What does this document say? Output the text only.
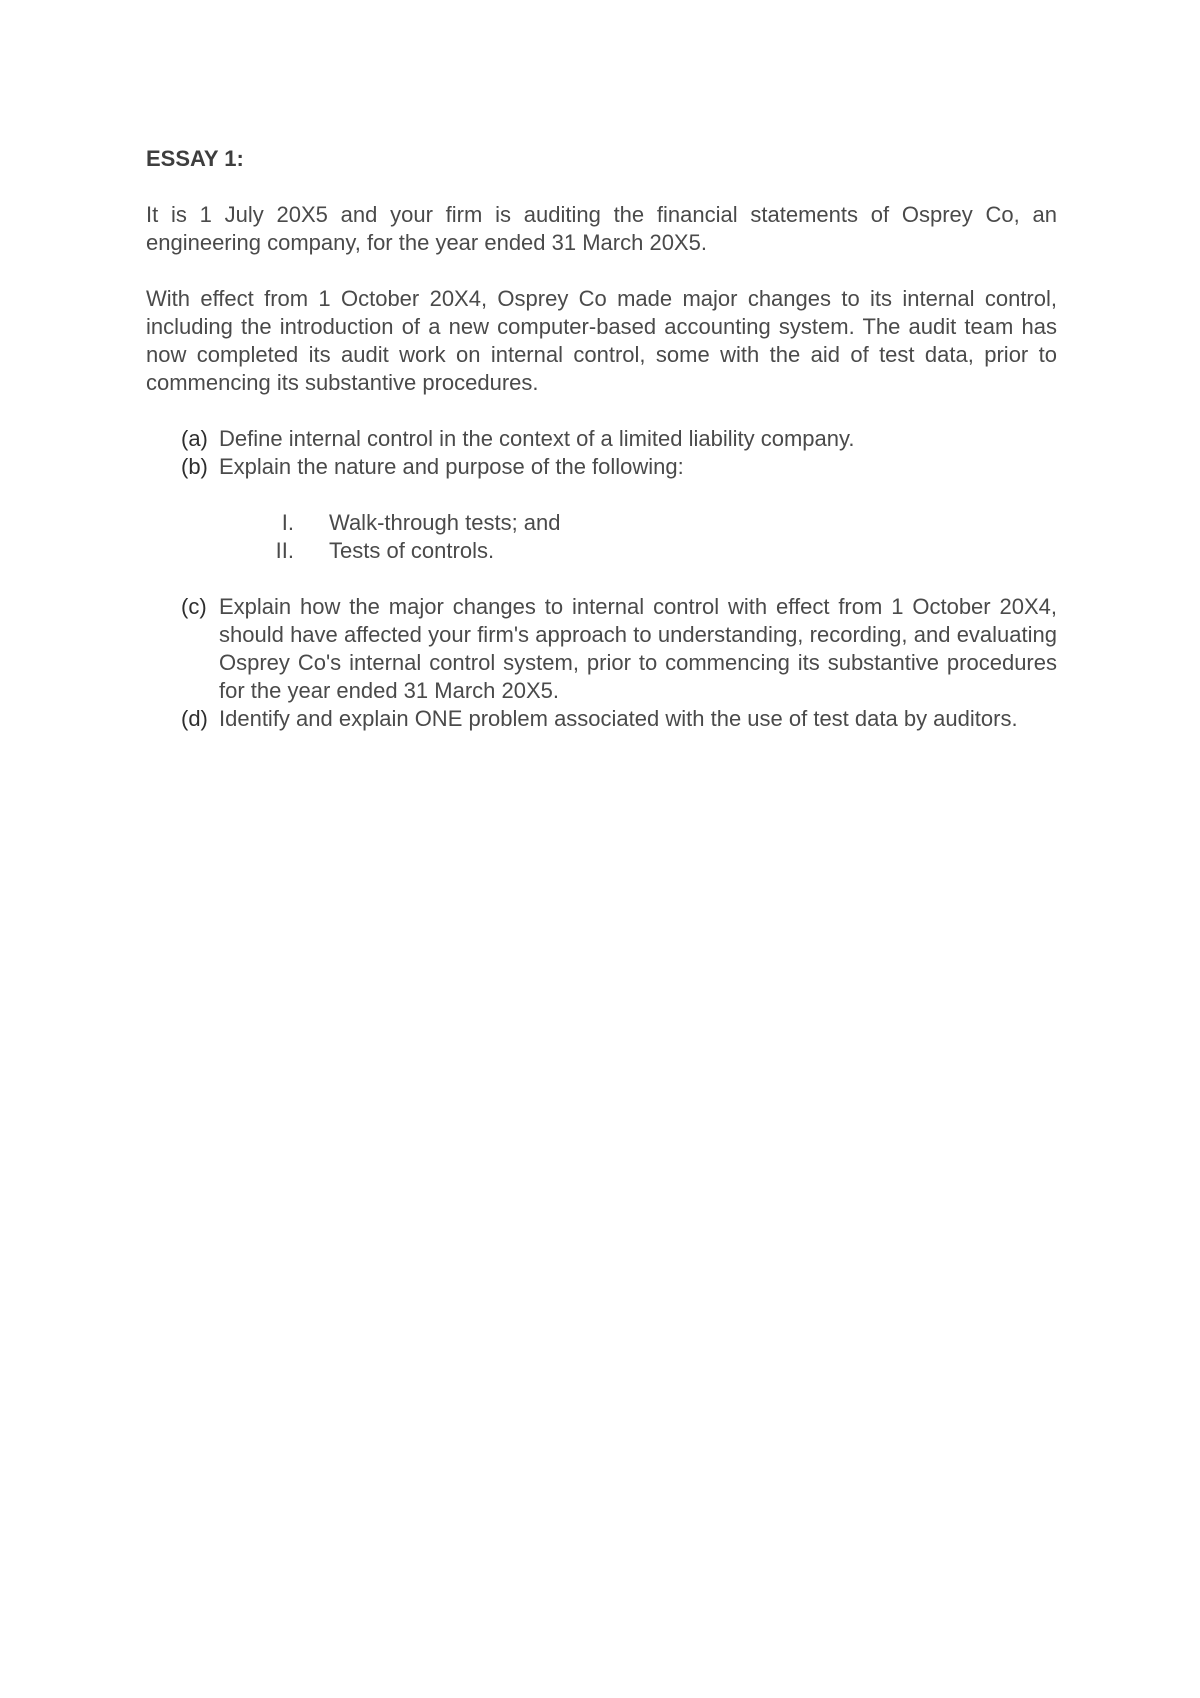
ESSAY 1:
It is 1 July 20X5 and your firm is auditing the financial statements of Osprey Co, an engineering company, for the year ended 31 March 20X5.
With effect from 1 October 20X4, Osprey Co made major changes to its internal control, including the introduction of a new computer-based accounting system. The audit team has now completed its audit work on internal control, some with the aid of test data, prior to commencing its substantive procedures.
(a) Define internal control in the context of a limited liability company.
(b) Explain the nature and purpose of the following:
I.	Walk-through tests; and
II.	Tests of controls.
(c) Explain how the major changes to internal control with effect from 1 October 20X4, should have affected your firm's approach to understanding, recording, and evaluating Osprey Co's internal control system, prior to commencing its substantive procedures for the year ended 31 March 20X5.
(d) Identify and explain ONE problem associated with the use of test data by auditors.
